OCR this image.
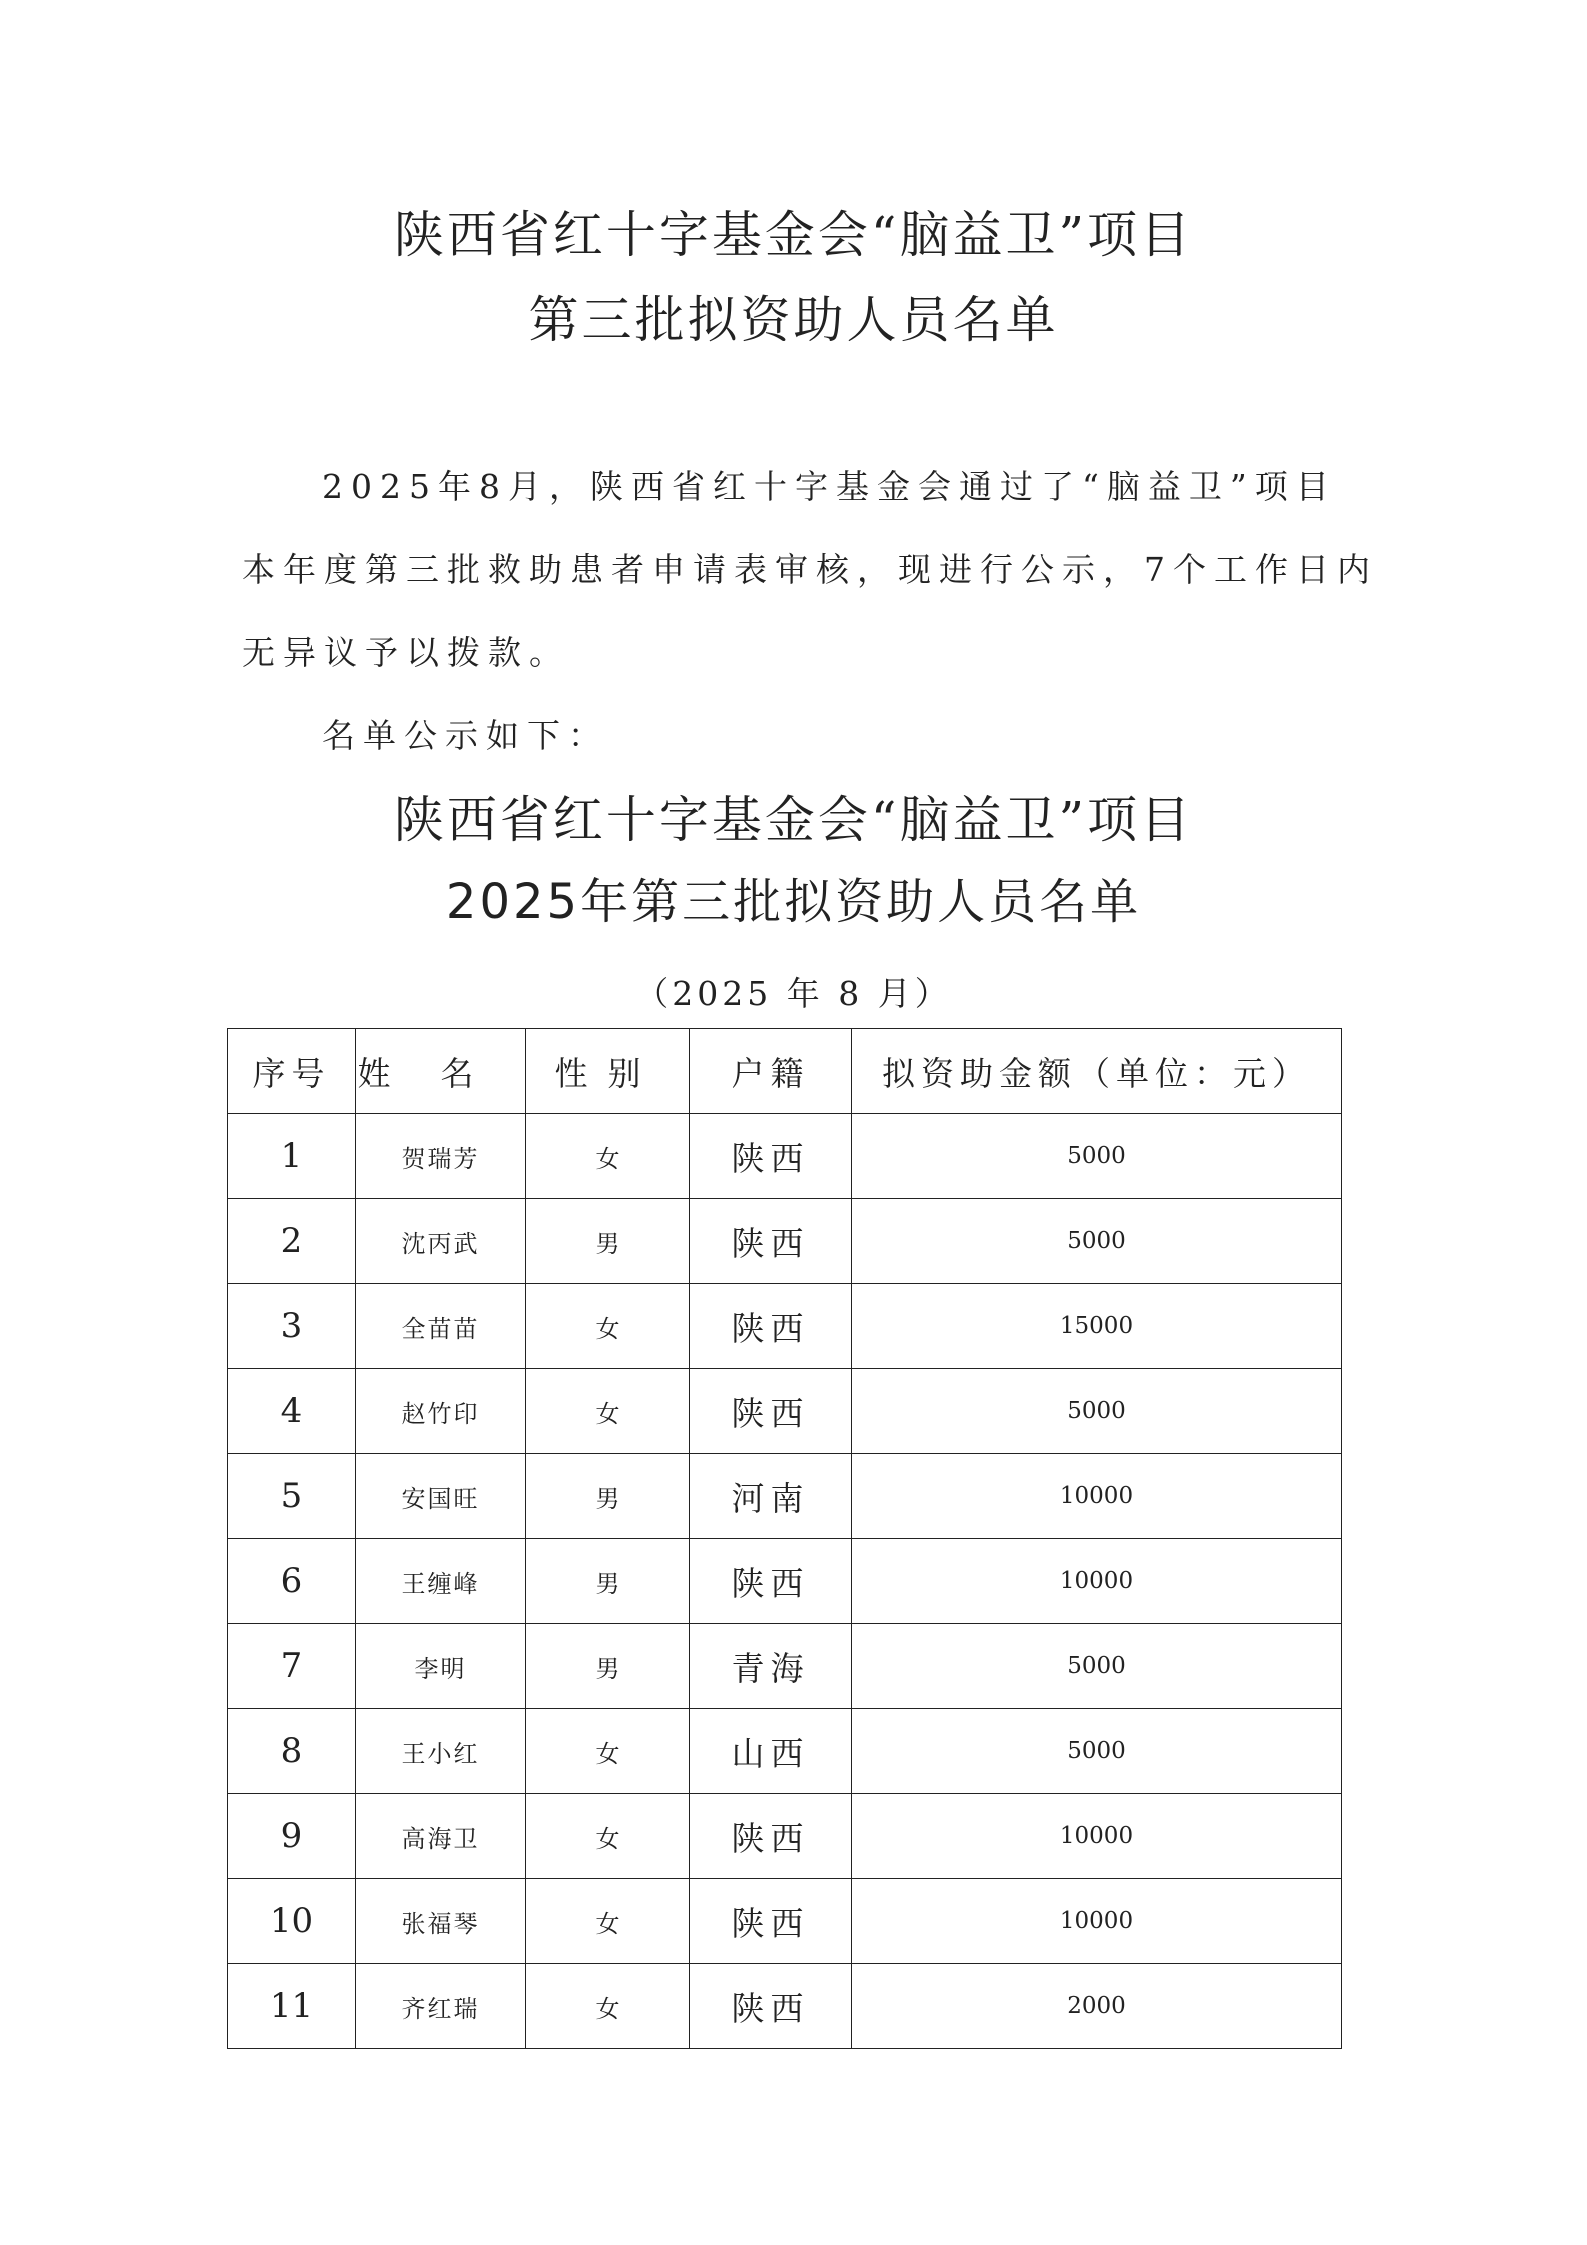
陕西省红十字基金会“脑益卫”项目
第三批拟资助人员名单
2025年8月，陕西省红十字基金会通过了“脑益卫”项目
本年度第三批救助患者申请表审核，现进行公示，7个工作日内
无异议予以拨款。
名单公示如下：
陕西省红十字基金会“脑益卫”项目
2025年第三批拟资助人员名单
（2025 年 8 月）
序号	姓名	性别	户籍	拟资助金额（单位：元）
1	贺瑞芳	女	陕西	5000
2	沈丙武	男	陕西	5000
3	全苗苗	女	陕西	15000
4	赵竹印	女	陕西	5000
5	安国旺	男	河南	10000
6	王缠峰	男	陕西	10000
7	李明	男	青海	5000
8	王小红	女	山西	5000
9	高海卫	女	陕西	10000
10	张福琴	女	陕西	10000
11	齐红瑞	女	陕西	2000
